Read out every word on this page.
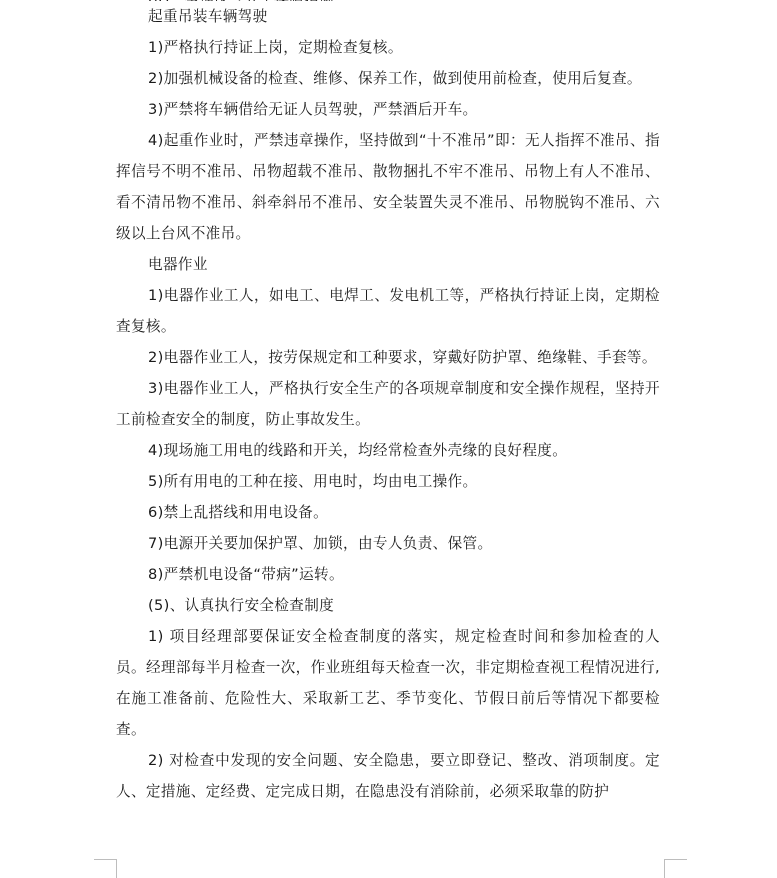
起重吊装车辆驾驶

1)严格执行持证上岗，定期检查复核。

2)加强机械设备的检查、维修、保养工作，做到使用前检查，使用后复查。

3)严禁将车辆借给无证人员驾驶，严禁酒后开车。

4)起重作业时，严禁违章操作，坚持做到“十不准吊”即：无人指挥不准吊、指挥信号不明不准吊、吊物超载不准吊、散物捆扎不牢不准吊、吊物上有人不准吊、看不清吊物不准吊、斜牵斜吊不准吊、安全装置失灵不准吊、吊物脱钩不准吊、六级以上台风不准吊。

电器作业

1)电器作业工人，如电工、电焊工、发电机工等，严格执行持证上岗，定期检查复核。

2)电器作业工人，按劳保规定和工种要求，穿戴好防护罩、绝缘鞋、手套等。

3)电器作业工人，严格执行安全生产的各项规章制度和安全操作规程，坚持开工前检查安全的制度，防止事故发生。

4)现场施工用电的线路和开关，均经常检查外壳缘的良好程度。

5)所有用电的工种在接、用电时，均由电工操作。

6)禁上乱搭线和用电设备。

7)电源开关要加保护罩、加锁，由专人负责、保管。

8)严禁机电设备“带病”运转。

(5)、认真执行安全检查制度

1) 项目经理部要保证安全检查制度的落实，规定检查时间和参加检查的人员。经理部每半月检查一次，作业班组每天检查一次，非定期检查视工程情况进行,在施工准备前、危险性大、采取新工艺、季节变化、节假日前后等情况下都要检查。

2) 对检查中发现的安全问题、安全隐患，要立即登记、整改、消项制度。定人、定措施、定经费、定完成日期，在隐患没有消除前，必须采取靠的防护
